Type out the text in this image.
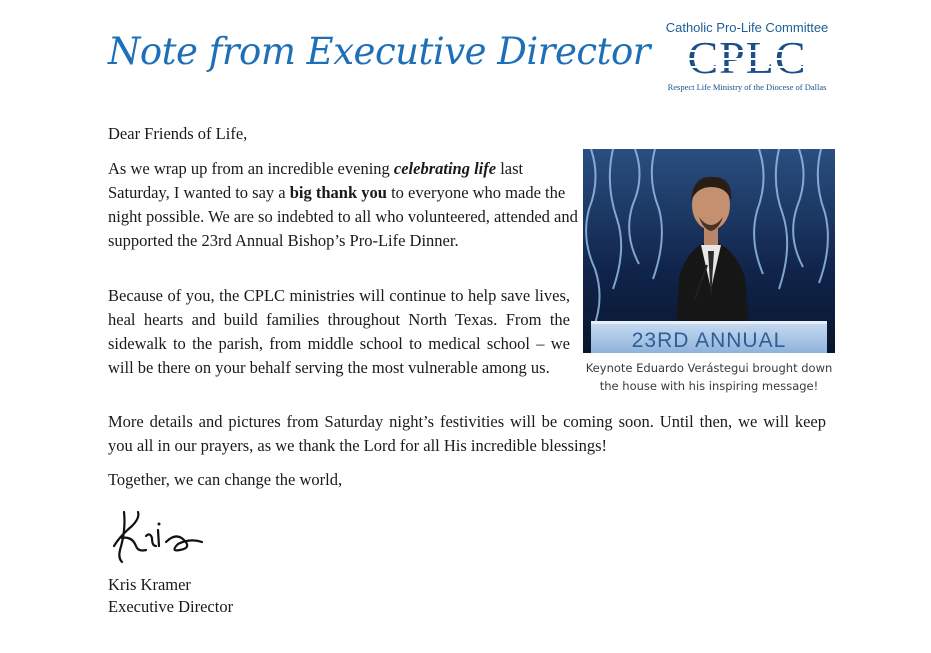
Note from Executive Director
Catholic Pro-Life Committee
Respect Life Ministry of the Diocese of Dallas
Dear Friends of Life,
As we wrap up from an incredible evening celebrating life last Saturday, I wanted to say a big thank you to everyone who made the night possible. We are so indebted to all who volunteered, attended and supported the 23rd Annual Bishop’s Pro-Life Dinner.
23RD ANNUAL
Keynote Eduardo Verástegui brought down
the house with his inspiring message!
Because of you, the CPLC ministries will continue to help save lives, heal hearts and build families throughout North Texas. From the sidewalk to the parish, from middle school to medical school – we will be there on your behalf serving the most vulnerable among us.
More details and pictures from Saturday night’s festivities will be coming soon. Until then, we will keep you all in our prayers, as we thank the Lord for all His incredible blessings!
Together, we can change the world,
Kris Kramer
Executive Director
